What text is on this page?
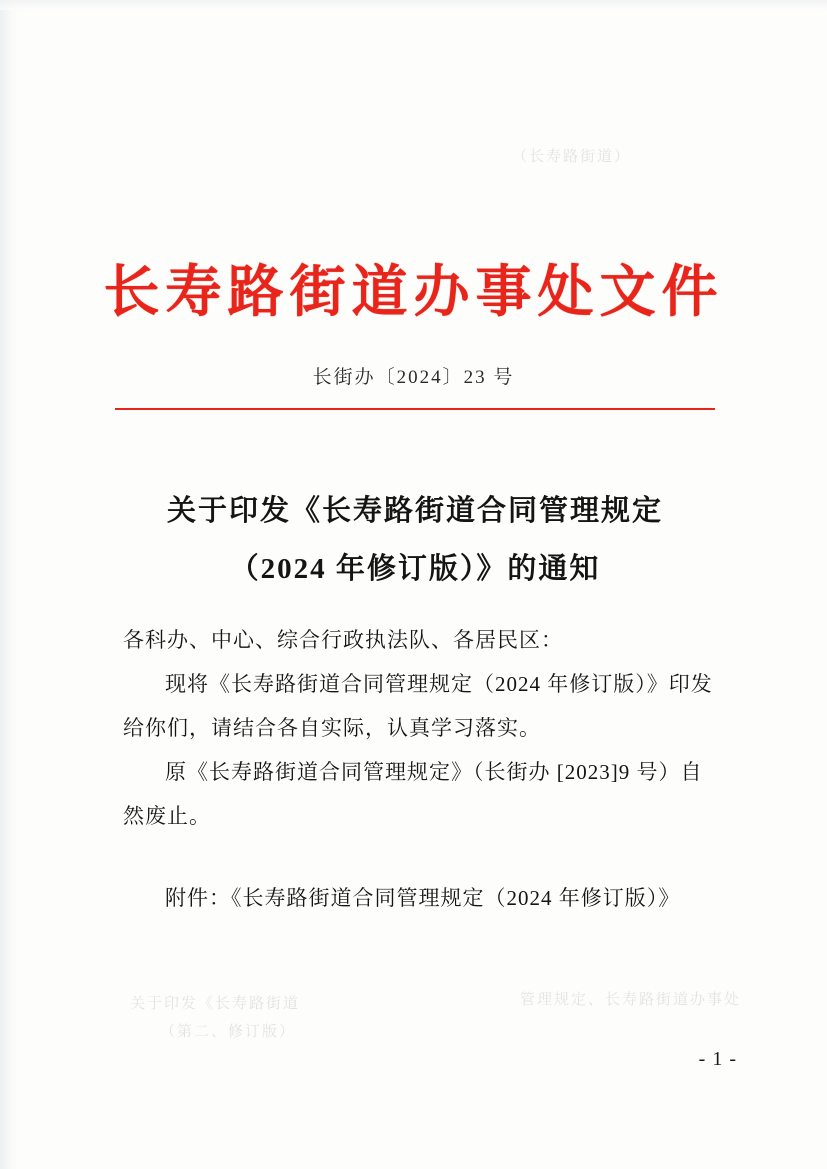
（长寿路街道）
关于印发《长寿路街道
（第二、修订版）
管理规定、长寿路街道办事处
长寿路街道办事处文件
长街办〔2024〕23 号
关于印发《长寿路街道合同管理规定
（2024 年修订版）》的通知
各科办、中心、综合行政执法队、各居民区：
现将《长寿路街道合同管理规定（2024 年修订版）》印发给你们，请结合各自实际，认真学习落实。
原《长寿路街道合同管理规定》（长街办 [2023]9 号）自然废止。
附件：《长寿路街道合同管理规定（2024 年修订版）》
- 1 -
